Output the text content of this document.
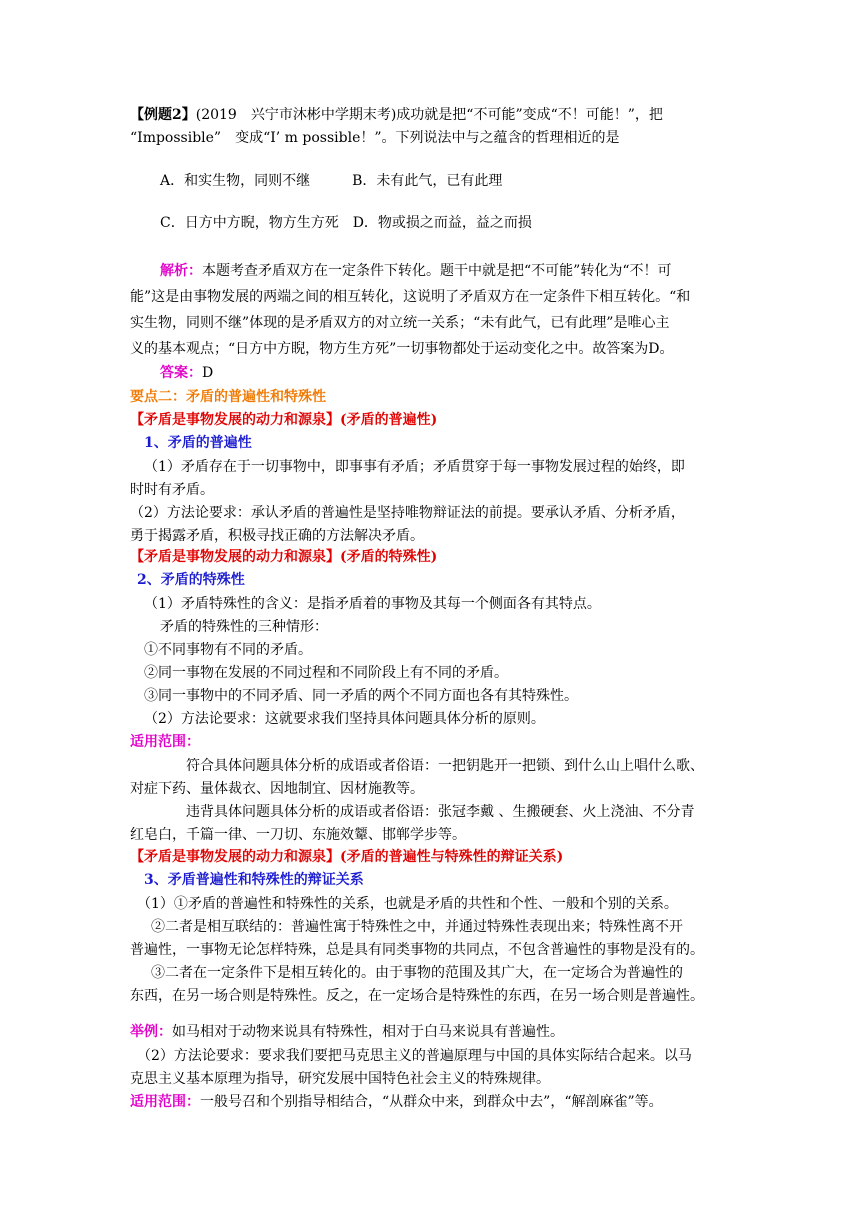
【例题2】(2019　兴宁市沐彬中学期末考)成功就是把“不可能”变成“不！可能！”，把
“Impossible”　变成“I’ m possible！”。下列说法中与之蕴含的哲理相近的是
A．和实生物，同则不继　　　B．未有此气，已有此理
C．日方中方睨，物方生方死　D．物或损之而益，益之而损
解析：本题考查矛盾双方在一定条件下转化。题干中就是把“不可能”转化为“不！可
能”这是由事物发展的两端之间的相互转化，这说明了矛盾双方在一定条件下相互转化。“和
实生物，同则不继”体现的是矛盾双方的对立统一关系；“未有此气，已有此理”是唯心主
义的基本观点；“日方中方睨，物方生方死”一切事物都处于运动变化之中。故答案为D。
答案：D
要点二：矛盾的普遍性和特殊性
【矛盾是事物发展的动力和源泉】(矛盾的普遍性)
1、矛盾的普遍性
（1）矛盾存在于一切事物中，即事事有矛盾；矛盾贯穿于每一事物发展过程的始终，即
时时有矛盾。
（2）方法论要求：承认矛盾的普遍性是坚持唯物辩证法的前提。要承认矛盾、分析矛盾，
勇于揭露矛盾，积极寻找正确的方法解决矛盾。
【矛盾是事物发展的动力和源泉】(矛盾的特殊性)
2、矛盾的特殊性
（1）矛盾特殊性的含义：是指矛盾着的事物及其每一个侧面各有其特点。
矛盾的特殊性的三种情形：
①不同事物有不同的矛盾。
②同一事物在发展的不同过程和不同阶段上有不同的矛盾。
③同一事物中的不同矛盾、同一矛盾的两个不同方面也各有其特殊性。
（2）方法论要求：这就要求我们坚持具体问题具体分析的原则。
适用范围：
符合具体问题具体分析的成语或者俗语：一把钥匙开一把锁、到什么山上唱什么歌、
对症下药、量体裁衣、因地制宜、因材施教等。
违背具体问题具体分析的成语或者俗语：张冠李戴 、生搬硬套、火上浇油、不分青
红皂白，千篇一律、一刀切、东施效颦、邯郸学步等。
【矛盾是事物发展的动力和源泉】(矛盾的普遍性与特殊性的辩证关系)
3、矛盾普遍性和特殊性的辩证关系
（1）①矛盾的普遍性和特殊性的关系，也就是矛盾的共性和个性、一般和个别的关系。
②二者是相互联结的：普遍性寓于特殊性之中，并通过特殊性表现出来；特殊性离不开
普遍性，一事物无论怎样特殊，总是具有同类事物的共同点，不包含普遍性的事物是没有的。
③二者在一定条件下是相互转化的。由于事物的范围及其广大，在一定场合为普遍性的
东西，在另一场合则是特殊性。反之，在一定场合是特殊性的东西，在另一场合则是普遍性。
举例：如马相对于动物来说具有特殊性，相对于白马来说具有普遍性。
（2）方法论要求：要求我们要把马克思主义的普遍原理与中国的具体实际结合起来。以马
克思主义基本原理为指导，研究发展中国特色社会主义的特殊规律。
适用范围：一般号召和个别指导相结合，“从群众中来，到群众中去”，“解剖麻雀”等。
